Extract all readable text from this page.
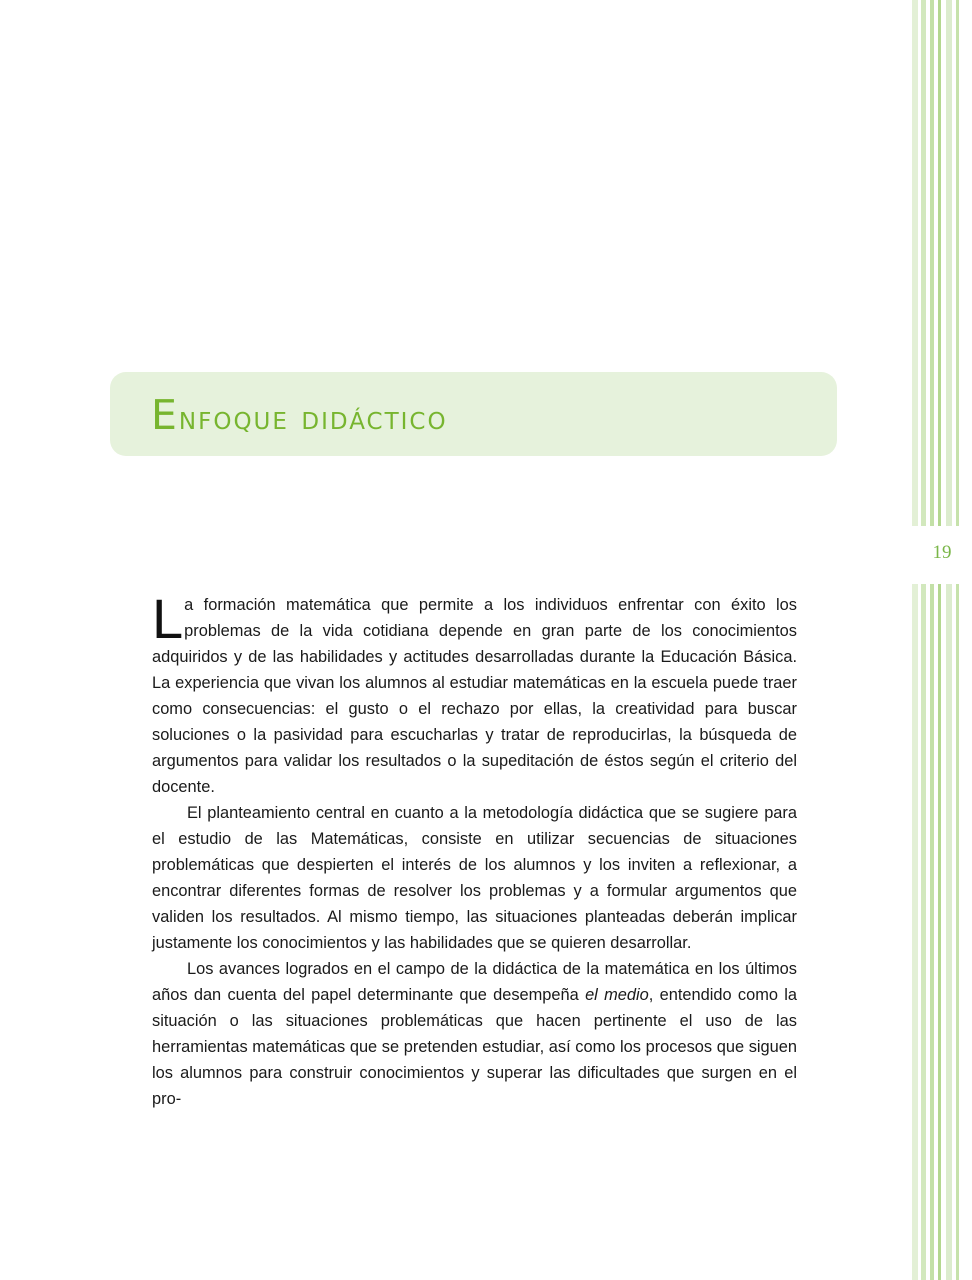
19
Enfoque didáctico

La formación matemática que permite a los individuos enfrentar con éxito los problemas de la vida cotidiana depende en gran parte de los conocimientos adquiridos y de las habilidades y actitudes desarrolladas durante la Educación Básica. La experiencia que vivan los alumnos al estudiar matemáticas en la escuela puede traer como consecuencias: el gusto o el rechazo por ellas, la creatividad para buscar soluciones o la pasividad para escucharlas y tratar de reproducirlas, la búsqueda de argumentos para validar los resultados o la supeditación de éstos según el criterio del docente.

El planteamiento central en cuanto a la metodología didáctica que se sugiere para el estudio de las Matemáticas, consiste en utilizar secuencias de situaciones problemáticas que despierten el interés de los alumnos y los inviten a reflexionar, a encontrar diferentes formas de resolver los problemas y a formular argumentos que validen los resultados. Al mismo tiempo, las situaciones planteadas deberán implicar justamente los conocimientos y las habilidades que se quieren desarrollar.

Los avances logrados en el campo de la didáctica de la matemática en los últimos años dan cuenta del papel determinante que desempeña el medio, entendido como la situación o las situaciones problemáticas que hacen pertinente el uso de las herramientas matemáticas que se pretenden estudiar, así como los procesos que siguen los alumnos para construir conocimientos y superar las dificultades que surgen en el pro-
